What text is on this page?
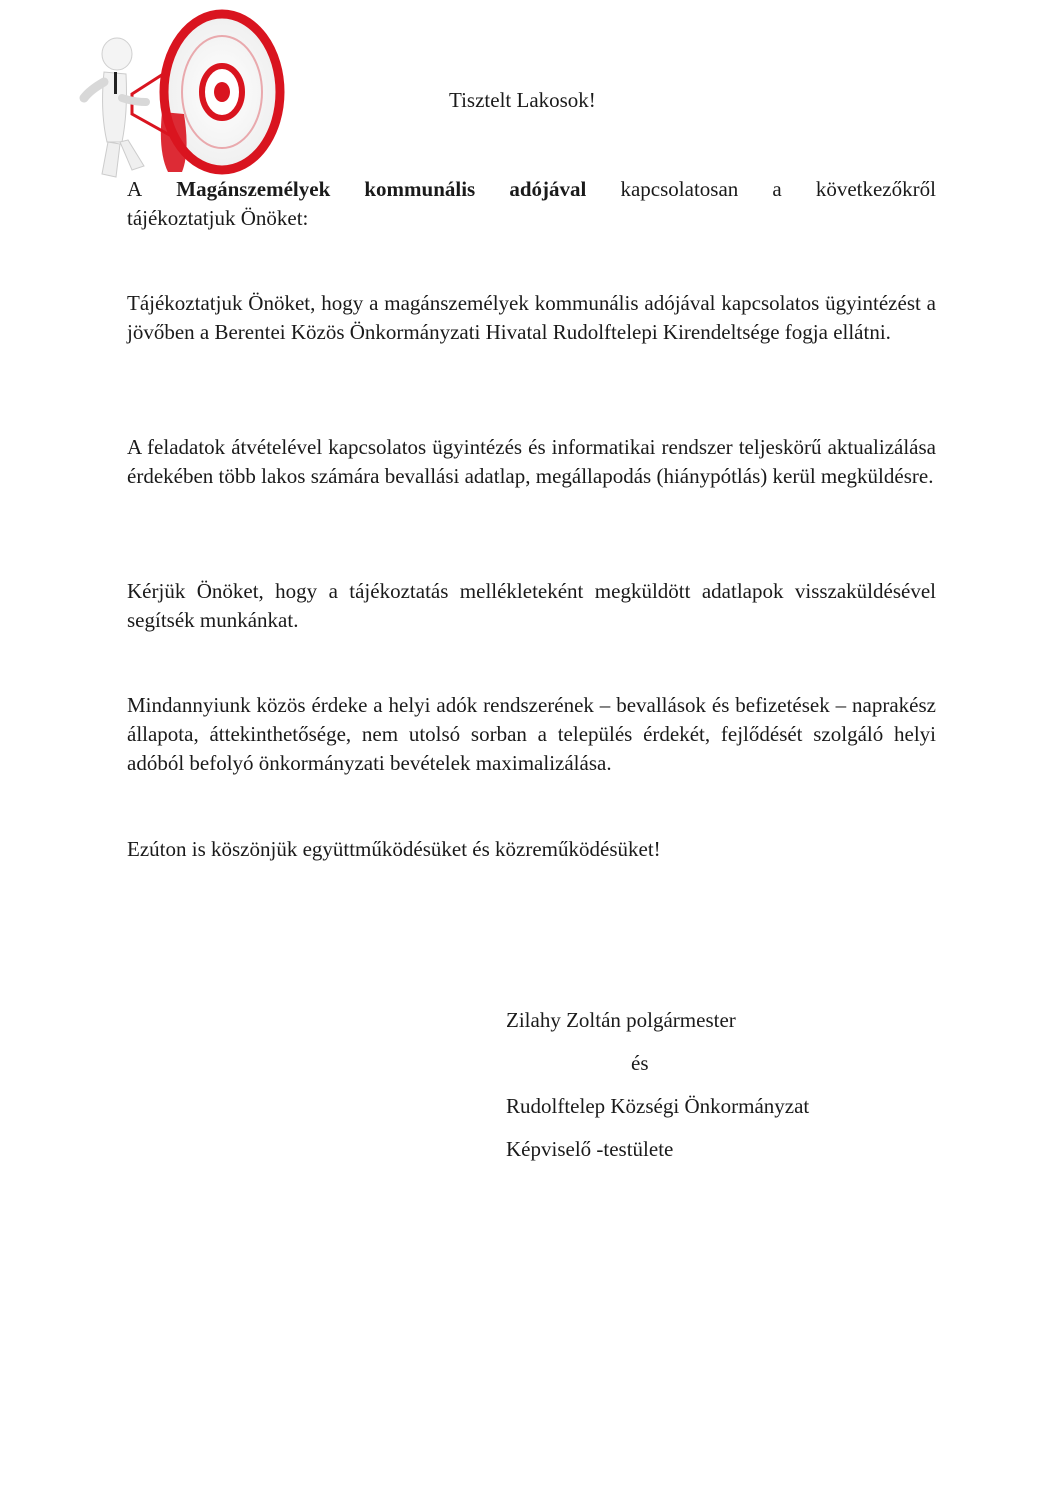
Tisztelt Lakosok!
A Magánszemélyek kommunális adójával kapcsolatosan a következőkről
tájékoztatjuk Önöket:

Tájékoztatjuk Önöket, hogy a magánszemélyek kommunális adójával kapcsolatos ügyintézést a jövőben a Berentei Közös Önkormányzati Hivatal Rudolftelepi Kirendeltsége fogja ellátni.

A feladatok átvételével kapcsolatos ügyintézés és informatikai rendszer teljeskörű aktualizálása érdekében több lakos számára bevallási adatlap, megállapodás (hiánypótlás) kerül megküldésre.

Kérjük Önöket, hogy a tájékoztatás mellékleteként megküldött adatlapok visszaküldésével segítsék munkánkat.

Mindannyiunk közös érdeke a helyi adók rendszerének – bevallások és befizetések – naprakész állapota, áttekinthetősége, nem utolsó sorban a település érdekét, fejlődését szolgáló helyi adóból befolyó önkormányzati bevételek maximalizálása.

Ezúton is köszönjük együttműködésüket és közreműködésüket!

Zilahy Zoltán polgármester

és

Rudolftelep Községi Önkormányzat

Képviselő -testülete
